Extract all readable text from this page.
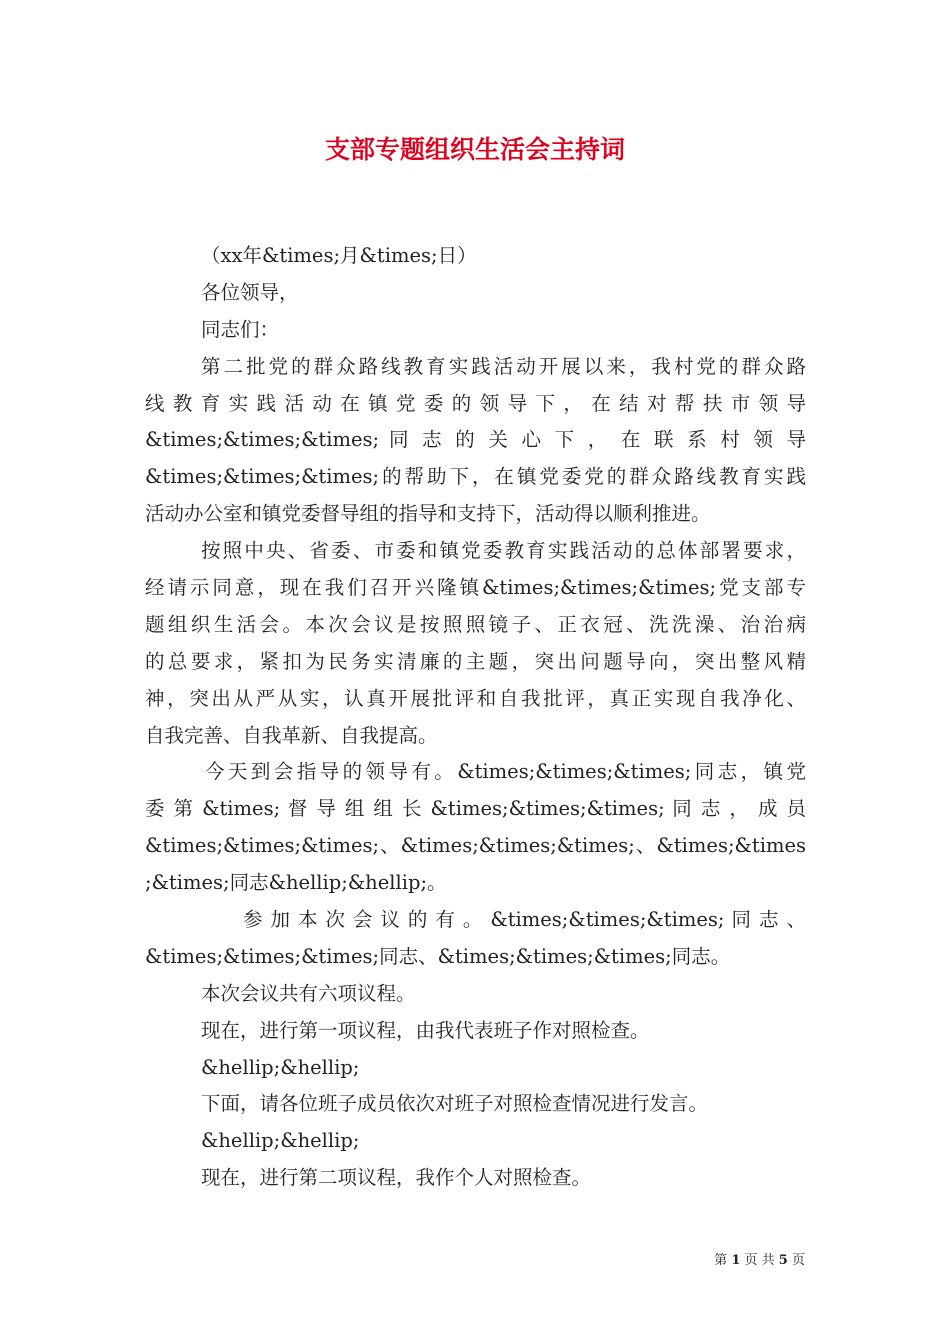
支部专题组织生活会主持词
（xx年&times;月&times;日）
各位领导，
同志们：
第二批党的群众路线教育实践活动开展以来，我村党的群众路
线 教 育 实 践 活 动 在 镇 党 委 的 领 导 下 ， 在 结 对 帮 扶 市 领 导
&times;&times;&times; 同 志 的 关 心 下 ， 在 联 系 村 领 导
&times;&times;&times;的帮助下，在镇党委党的群众路线教育实践
活动办公室和镇党委督导组的指导和支持下，活动得以顺利推进。
按照中央、省委、市委和镇党委教育实践活动的总体部署要求，
经请示同意，现在我们召开兴隆镇&times;&times;&times;党支部专
题组织生活会。本次会议是按照照镜子、正衣冠、洗洗澡、治治病
的总要求，紧扣为民务实清廉的主题，突出问题导向，突出整风精
神，突出从严从实，认真开展批评和自我批评，真正实现自我净化、
自我完善、自我革新、自我提高。
今天到会指导的领导有。&times;&times;&times;同志，镇党
委 第 &times; 督 导 组 组 长 &times;&times;&times; 同 志 ， 成 员
&times;&times;&times;、&times;&times;&times;、&times;&times
;&times;同志&hellip;&hellip;。
参 加 本 次 会 议 的 有 。 &times;&times;&times; 同 志 、
&times;&times;&times;同志、&times;&times;&times;同志。
本次会议共有六项议程。
现在，进行第一项议程，由我代表班子作对照检查。
&hellip;&hellip;
下面，请各位班子成员依次对班子对照检查情况进行发言。
&hellip;&hellip;
现在，进行第二项议程，我作个人对照检查。
第 1 页 共 5 页
